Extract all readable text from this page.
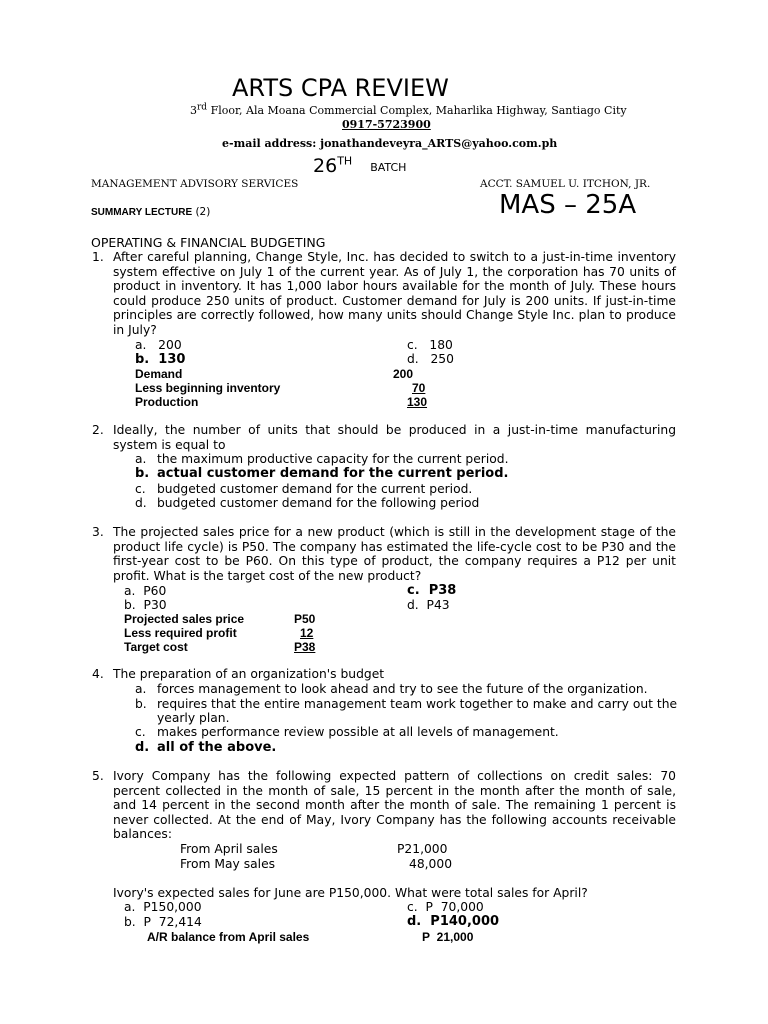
ARTS CPA REVIEW
3rd Floor, Ala Moana Commercial Complex, Maharlika Highway, Santiago City
0917-5723900
e-mail address: jonathandeveyra_ARTS@yahoo.com.ph
26TH BATCH
MANAGEMENT ADVISORY SERVICES	ACCT. SAMUEL U. ITCHON, JR.
SUMMARY LECTURE (2)	MAS – 25A
OPERATING & FINANCIAL BUDGETING
1. After careful planning, Change Style, Inc. has decided to switch to a just-in-time inventory system effective on July 1 of the current year. As of July 1, the corporation has 70 units of product in inventory. It has 1,000 labor hours available for the month of July. These hours could produce 250 units of product. Customer demand for July is 200 units. If just-in-time principles are correctly followed, how many units should Change Style Inc. plan to produce in July?
a.   200	c.   180
b.  130	d.   250
Demand	200
Less beginning inventory	70
Production	130
2. Ideally, the number of units that should be produced in a just-in-time manufacturing system is equal to
a. the maximum productive capacity for the current period.
b. actual customer demand for the current period.
c. budgeted customer demand for the current period.
d. budgeted customer demand for the following period
3. The projected sales price for a new product (which is still in the development stage of the product life cycle) is P50. The company has estimated the life-cycle cost to be P30 and the first-year cost to be P60. On this type of product, the company requires a P12 per unit profit. What is the target cost of the new product?
a.  P60	c.  P38
b.  P30	d.  P43
Projected sales price	P50
Less required profit	12
Target cost	P38
4. The preparation of an organization's budget
a. forces management to look ahead and try to see the future of the organization.
b. requires that the entire management team work together to make and carry out the
yearly plan.
c. makes performance review possible at all levels of management.
d. all of the above.
5. Ivory Company has the following expected pattern of collections on credit sales: 70 percent collected in the month of sale, 15 percent in the month after the month of sale, and 14 percent in the second month after the month of sale. The remaining 1 percent is never collected. At the end of May, Ivory Company has the following accounts receivable balances:
From April sales	P21,000
From May sales	48,000
Ivory's expected sales for June are P150,000. What were total sales for April?
a.  P150,000	c.  P  70,000
b.  P  72,414	d.  P140,000
A/R balance from April sales	P  21,000
